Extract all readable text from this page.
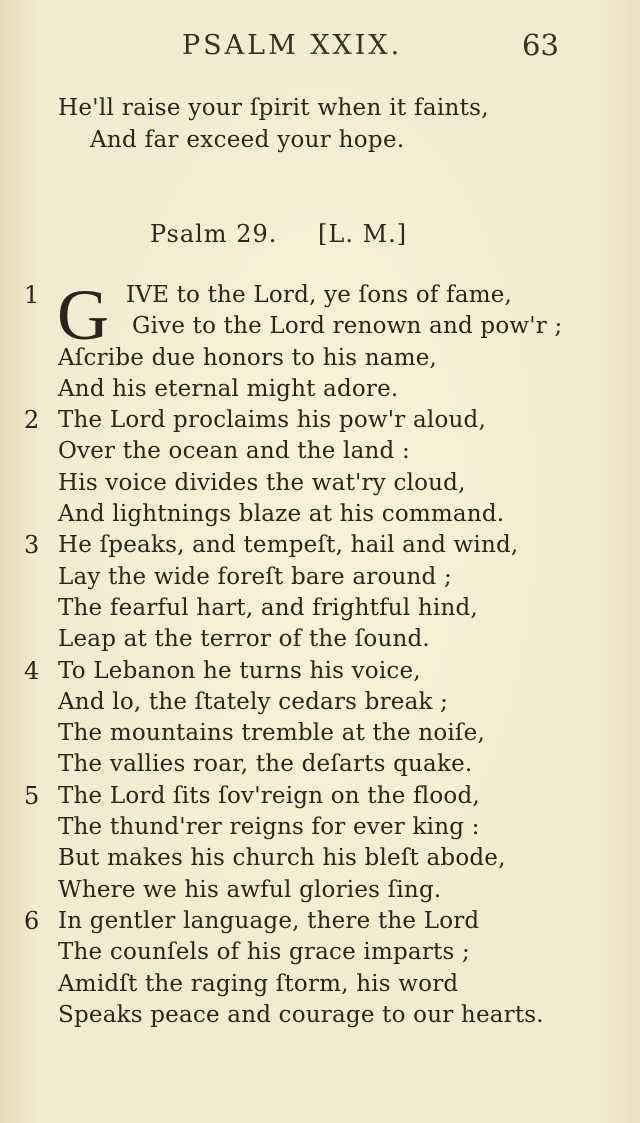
PSALM XXIX.	63
He'll raise your ſpirit when it faints,
And far exceed your hope.
Psalm 29. [L. M.]
G
1	IVE to the Lord, ye ſons of fame,
Give to the Lord renown and pow'r ;
Aſcribe due honors to his name,
And his eternal might adore.
2 The Lord proclaims his pow'r aloud,
Over the ocean and the land :
His voice divides the wat'ry cloud,
And lightnings blaze at his command.
3 He ſpeaks, and tempeſt, hail and wind,
Lay the wide foreſt bare around ;
The fearful hart, and frightful hind,
Leap at the terror of the ſound.
4 To Lebanon he turns his voice,
And lo, the ſtately cedars break ;
The mountains tremble at the noiſe,
The vallies roar, the deſarts quake.
5 The Lord ſits ſov'reign on the flood,
The thund'rer reigns for ever king :
But makes his church his bleſt abode,
Where we his awful glories ſing.
6 In gentler language, there the Lord
The counſels of his grace imparts ;
Amidſt the raging ſtorm, his word
Speaks peace and courage to our hearts.
